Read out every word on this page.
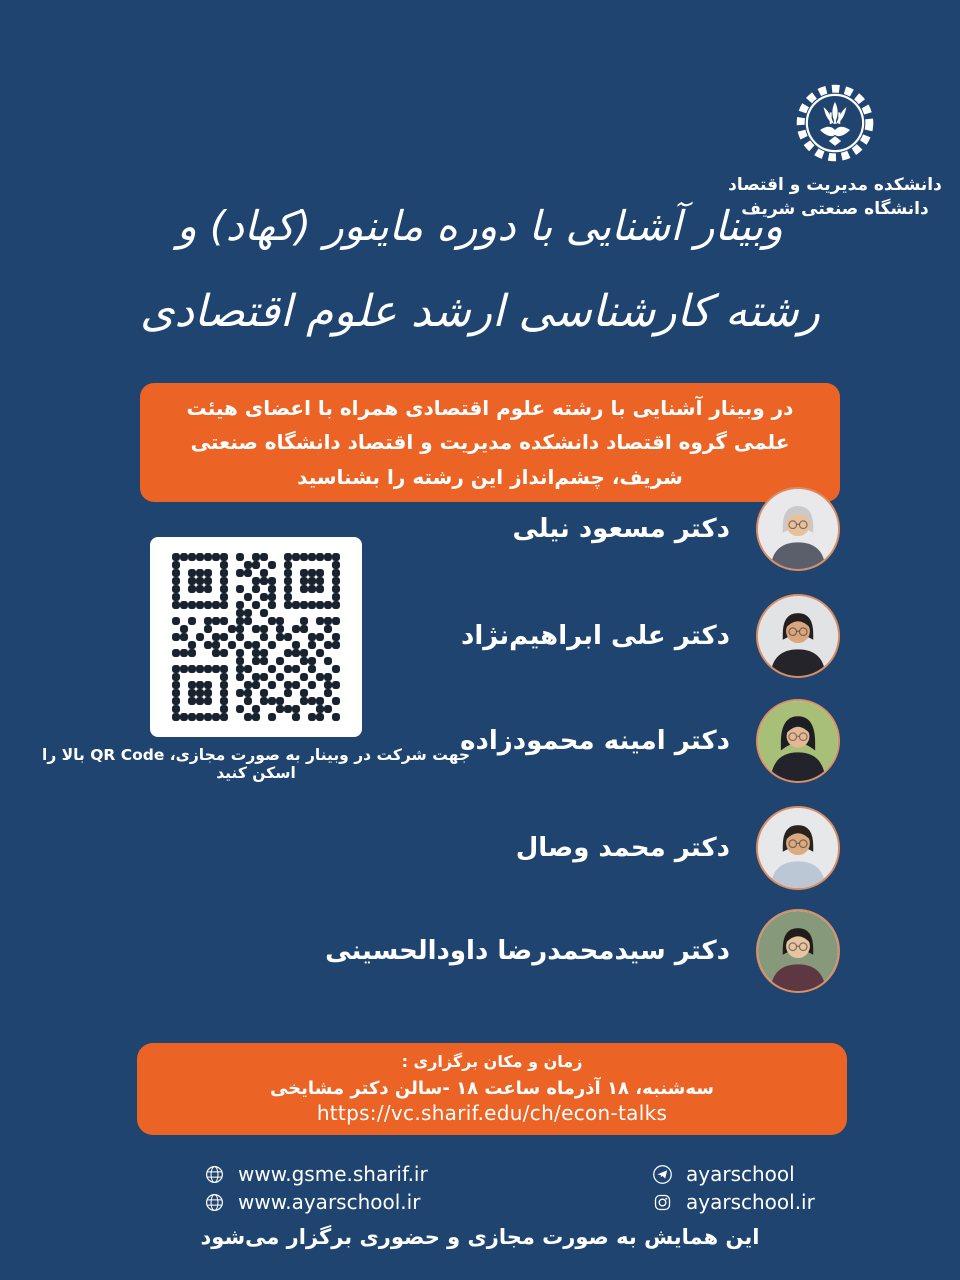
دانشکده مدیریت و اقتصاد
دانشگاه صنعتی شریف
وبینار آشنایی با دوره ماینور (کهاد) و
رشته کارشناسی ارشد علوم اقتصادی

در وبینار آشنایی با رشته علوم اقتصادی همراه با اعضای هیئت علمی گروه اقتصاد دانشکده مدیریت و اقتصاد دانشگاه صنعتی شریف، چشم‌انداز این رشته را بشناسید

جهت شرکت در وبینار به صورت مجازی، QR Code بالا را اسکن کنید
دکتر مسعود نیلی
دکتر علی ابراهیم‌نژاد
دکتر امینه محمودزاده
دکتر محمد وصال
دکتر سیدمحمدرضا داودالحسینی
زمان و مکان برگزاری :
سه‌شنبه، ۱۸ آذرماه ساعت ۱۸ -سالن دکتر مشایخی
https://vc.sharif.edu/ch/econ-talks
www.gsme.sharif.ir
www.ayarschool.ir
ayarschool
ayarschool.ir
این همایش به صورت مجازی و حضوری برگزار می‌شود
